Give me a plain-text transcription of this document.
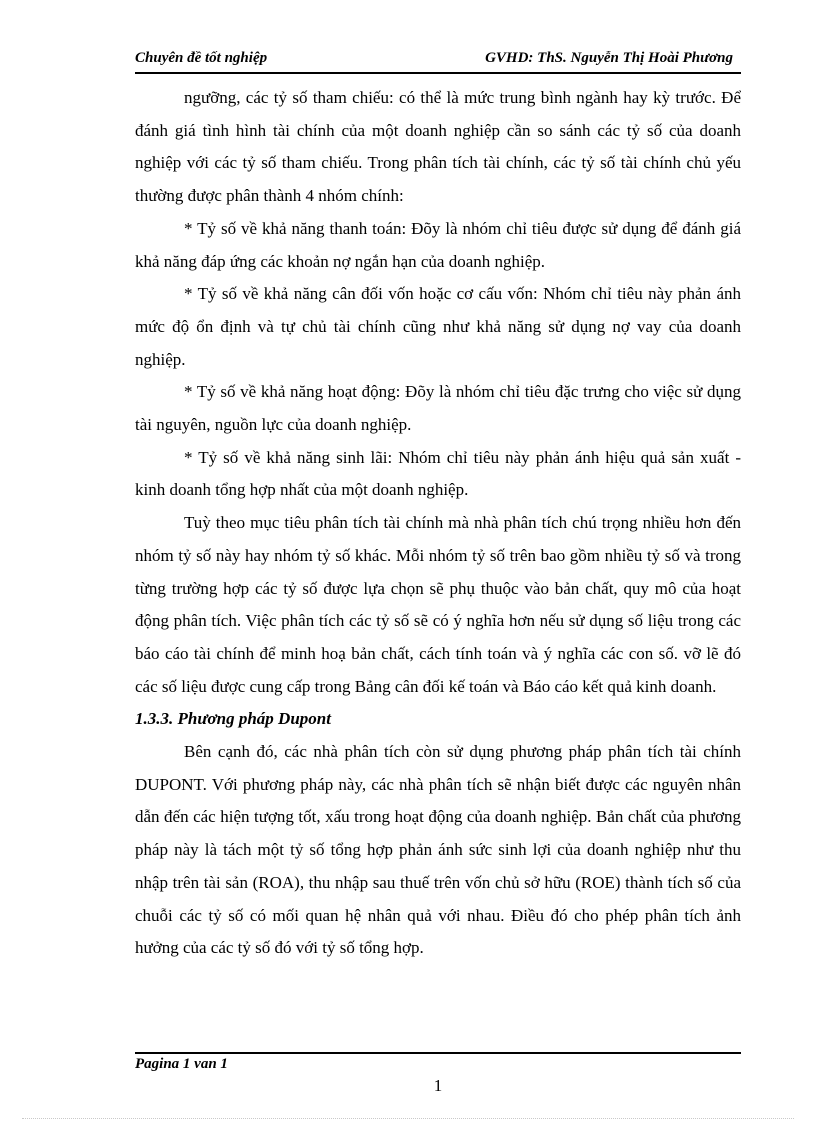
Chuyên đề tốt nghiệp	GVHD: ThS. Nguyễn Thị Hoài Phương

ngưỡng, các tỷ số tham chiếu: có thể là mức trung bình ngành hay kỳ trước. Để đánh giá tình hình tài chính của một doanh nghiệp cần so sánh các tỷ số của doanh nghiệp với các tỷ số tham chiếu. Trong phân tích tài chính, các tỷ số tài chính chủ yếu thường được phân thành 4 nhóm chính:

* Tỷ số về khả năng thanh toán: Đõy là nhóm chỉ tiêu được sử dụng để đánh giá khả năng đáp ứng các khoản nợ ngắn hạn của doanh nghiệp.

* Tỷ số về khả năng cân đối vốn hoặc cơ cấu vốn: Nhóm chỉ tiêu này phản ánh mức độ ổn định và tự chủ tài chính cũng như khả năng sử dụng nợ vay của doanh nghiệp.

* Tỷ số về khả năng hoạt động: Đõy là nhóm chỉ tiêu đặc trưng cho việc sử dụng tài nguyên, nguồn lực của doanh nghiệp.

* Tỷ số về khả năng sinh lãi: Nhóm chỉ tiêu này phản ánh hiệu quả sản xuất - kinh doanh tổng hợp nhất của một doanh nghiệp.

Tuỳ theo mục tiêu phân tích tài chính mà nhà phân tích chú trọng nhiều hơn đến nhóm tỷ số này hay nhóm tỷ số khác. Mỗi nhóm tỷ số trên bao gồm nhiều tỷ số và trong từng trường hợp các tỷ số được lựa chọn sẽ phụ thuộc vào bản chất, quy mô của hoạt động phân tích. Việc phân tích các tỷ số sẽ có ý nghĩa hơn nếu sử dụng số liệu trong các báo cáo tài chính để minh hoạ bản chất, cách tính toán và ý nghĩa các con số. vỡ lẽ đó các số liệu được cung cấp trong Bảng cân đối kế toán và Báo cáo kết quả kinh doanh.

1.3.3. Phương pháp Dupont

Bên cạnh đó, các nhà phân tích còn sử dụng phương pháp phân tích tài chính DUPONT. Với phương pháp này, các nhà phân tích sẽ nhận biết được các nguyên nhân dẫn đến các hiện tượng tốt, xấu trong hoạt động của doanh nghiệp. Bản chất của phương pháp này là tách một tỷ số tổng hợp phản ánh sức sinh lợi của doanh nghiệp như thu nhập trên tài sản (ROA), thu nhập sau thuế trên vốn chủ sở hữu (ROE) thành tích số của chuỗi các tỷ số có mối quan hệ nhân quả với nhau. Điều đó cho phép phân tích ảnh hưởng của các tỷ số đó với tỷ số tổng hợp.

Pagina 1 van 1
1
